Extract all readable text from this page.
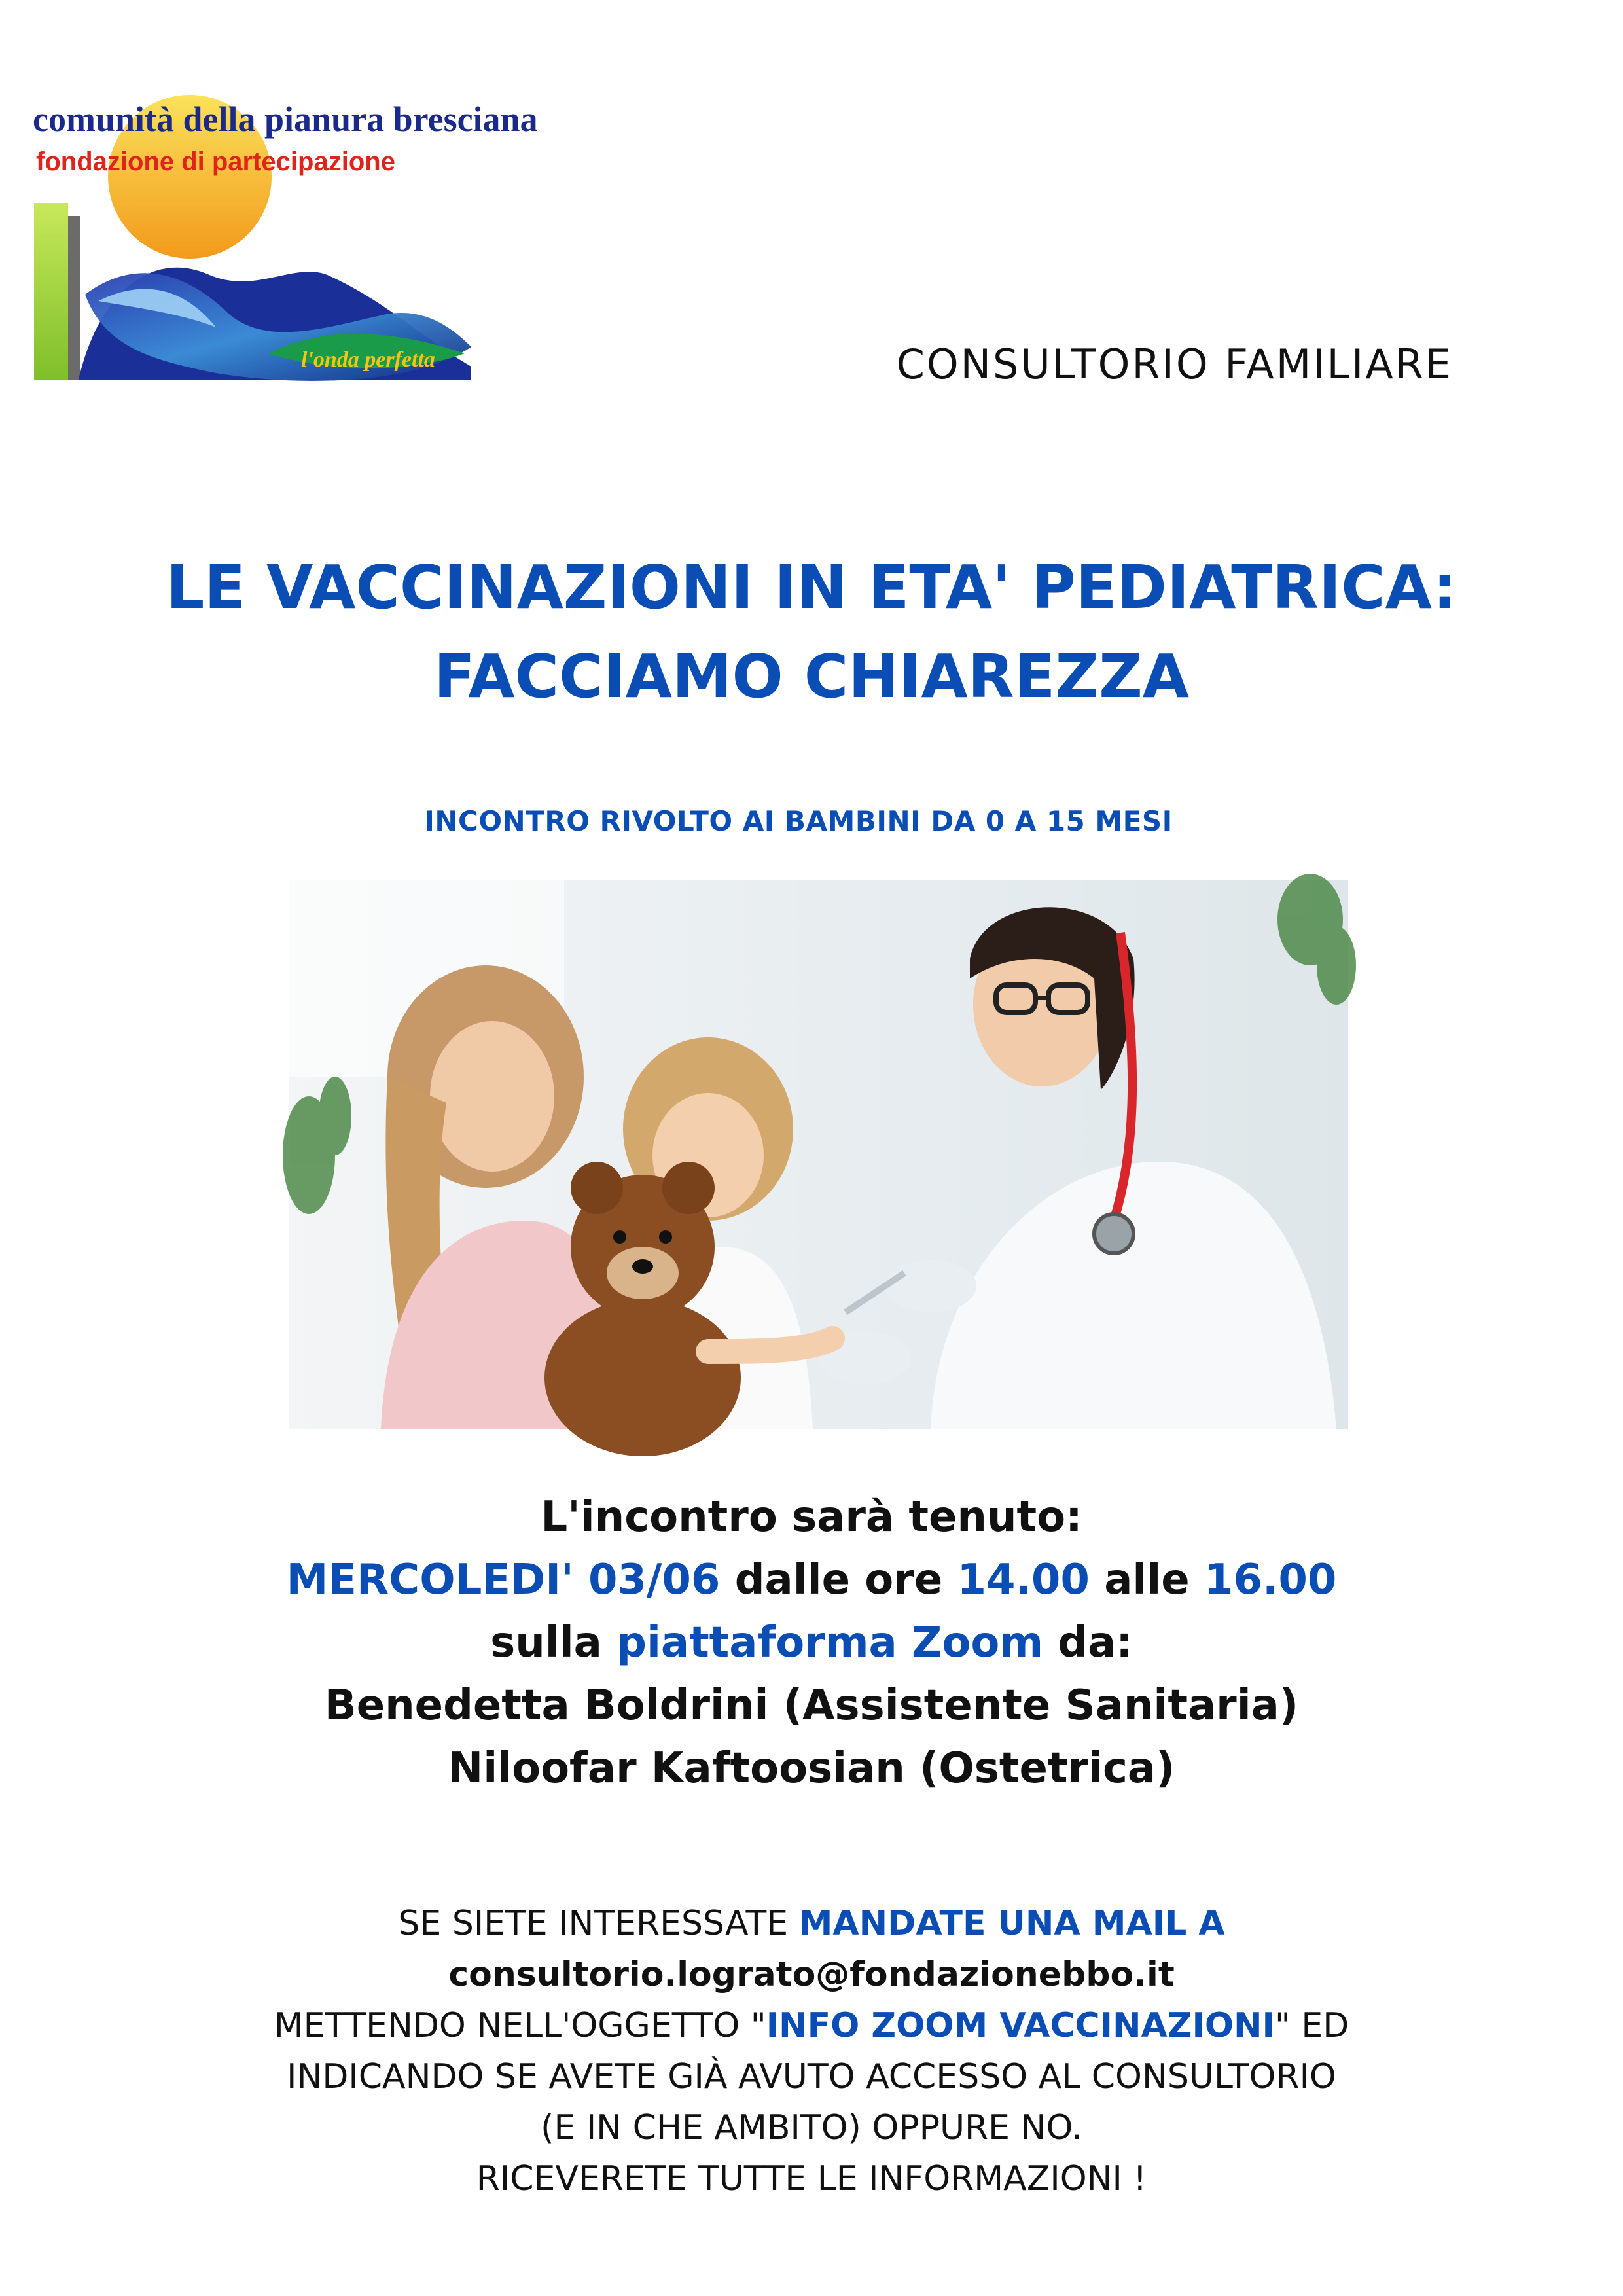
comunità della pianura bresciana
fondazione di partecipazione
l'onda perfetta	CONSULTORIO FAMILIARE
LE VACCINAZIONI IN ETA' PEDIATRICA:
FACCIAMO CHIAREZZA
INCONTRO RIVOLTO AI BAMBINI DA 0 A 15 MESI
L'incontro sarà tenuto:
MERCOLEDI' 03/06 dalle ore 14.00 alle 16.00
sulla piattaforma Zoom da:
Benedetta Boldrini (Assistente Sanitaria)
Niloofar Kaftoosian (Ostetrica)
SE SIETE INTERESSATE MANDATE UNA MAIL A
consultorio.lograto@fondazionebbo.it
METTENDO NELL'OGGETTO "INFO ZOOM VACCINAZIONI" ED
INDICANDO SE AVETE GIÀ AVUTO ACCESSO AL CONSULTORIO
(E IN CHE AMBITO) OPPURE NO.
RICEVERETE TUTTE LE INFORMAZIONI !
